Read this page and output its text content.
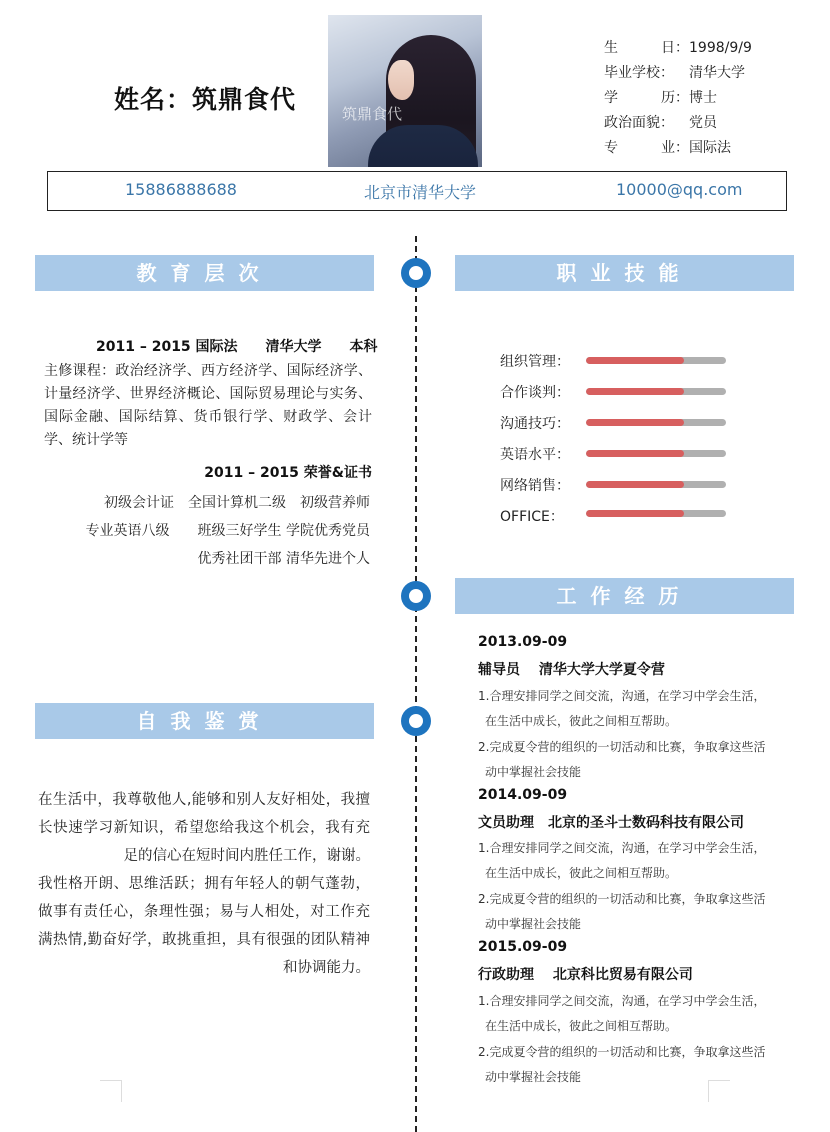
姓名：筑鼎食代	筑鼎食代
生	日： 1998/9/9
毕业学校： 清华大学
学	历： 博士
政治面貌： 党员
专	业： 国际法
15886888688	北京市清华大学	10000@qq.com
教育层次
2011 – 2015 国际法　　清华大学　　本科
主修课程：政治经济学、西方经济学、国际经济学、计量经济学、世界经济概论、国际贸易理论与实务、国际金融、国际结算、货币银行学、财政学、会计学、统计学等
2011 – 2015 荣誉&证书
初级会计证　全国计算机二级　初级营养师
专业英语八级　　班级三好学生 学院优秀党员
优秀社团干部 清华先进个人
职业技能
组织管理：
合作谈判：
沟通技巧：
英语水平：
网络销售：
OFFICE：
工作经历
2013.09-09
辅导员　 清华大学大学夏令营
1.合理安排同学之间交流，沟通，在学习中学会生活，
在生活中成长，彼此之间相互帮助。
2.完成夏令营的组织的一切活动和比赛，争取拿这些活
动中掌握社会技能
2014.09-09
文员助理　北京的圣斗士数码科技有限公司
1.合理安排同学之间交流，沟通，在学习中学会生活，
在生活中成长，彼此之间相互帮助。
2.完成夏令营的组织的一切活动和比赛，争取拿这些活
动中掌握社会技能
2015.09-09
行政助理　 北京科比贸易有限公司
1.合理安排同学之间交流，沟通，在学习中学会生活，
在生活中成长，彼此之间相互帮助。
2.完成夏令营的组织的一切活动和比赛，争取拿这些活
动中掌握社会技能
自我鉴赏
在生活中，我尊敬他人,能够和别人友好相处，我擅长快速学习新知识，希望您给我这个机会，我有充足的信心在短时间内胜任工作，谢谢。
我性格开朗、思维活跃；拥有年轻人的朝气蓬勃，做事有责任心，条理性强；易与人相处，对工作充满热情,勤奋好学，敢挑重担，具有很强的团队精神和协调能力。
